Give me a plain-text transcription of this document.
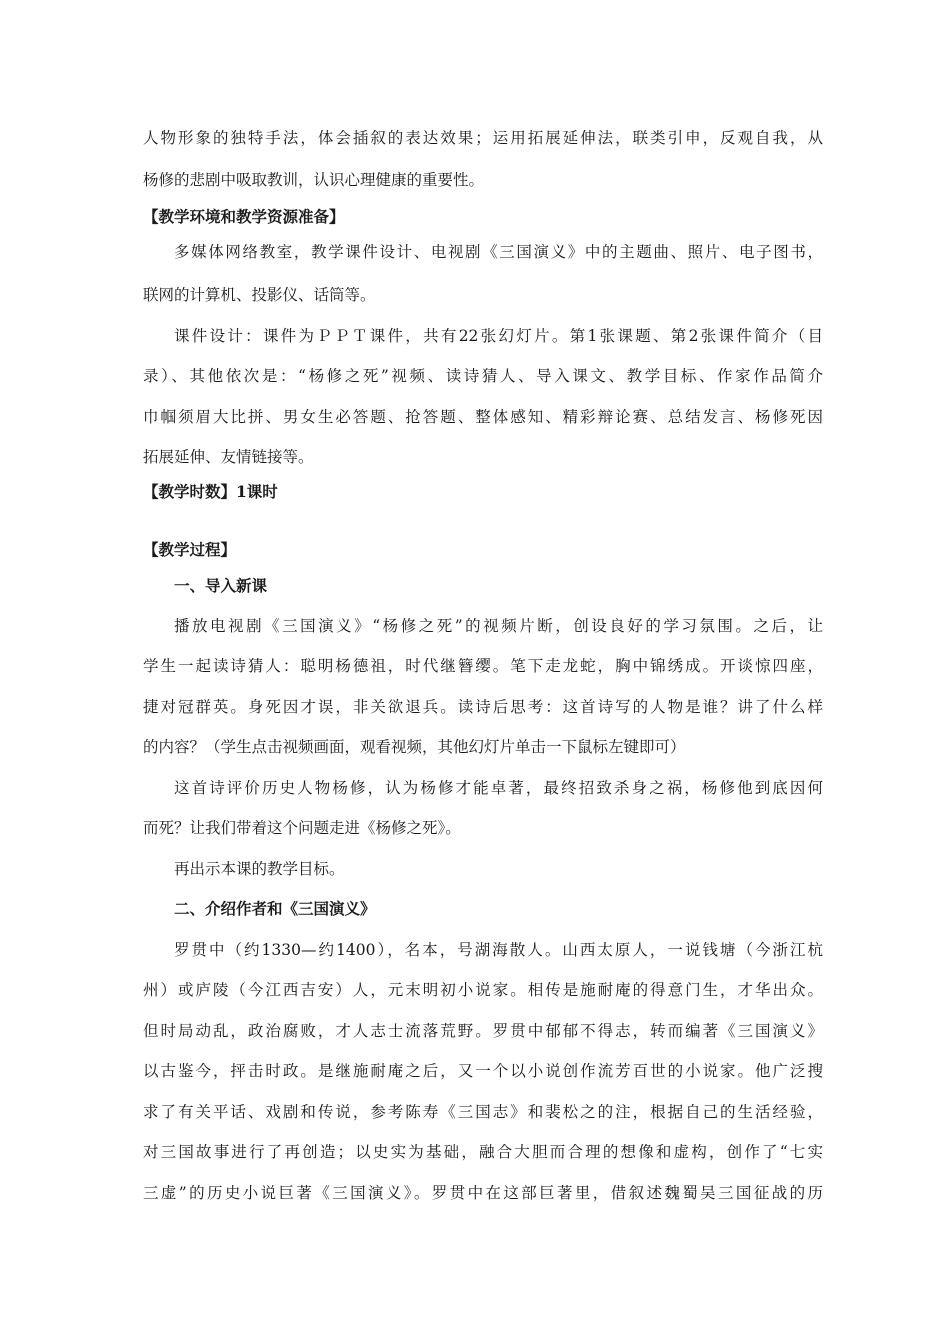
人物形象的独特手法，体会插叙的表达效果；运用拓展延伸法，联类引申，反观自我，从
杨修的悲剧中吸取教训，认识心理健康的重要性。
多媒体网络教室，教学课件设计、电视剧《三国演义》中的主题曲、照片、电子图书，
联网的计算机、投影仪、话筒等。
课件设计：课件为ＰＰＴ课件，共有22张幻灯片。第1张课题、第2张课件简介（目
录）、其他依次是：“杨修之死”视频、读诗猜人、导入课文、教学目标、作家作品简介
巾帼须眉大比拼、男女生必答题、抢答题、整体感知、精彩辩论赛、总结发言、杨修死因
拓展延伸、友情链接等。
播放电视剧《三国演义》“杨修之死”的视频片断，创设良好的学习氛围。之后，让
学生一起读诗猜人：聪明杨德祖，时代继簪缨。笔下走龙蛇，胸中锦绣成。开谈惊四座，
捷对冠群英。身死因才误，非关欲退兵。读诗后思考：这首诗写的人物是谁？讲了什么样
的内容？（学生点击视频画面，观看视频，其他幻灯片单击一下鼠标左键即可）
这首诗评价历史人物杨修，认为杨修才能卓著，最终招致杀身之祸，杨修他到底因何
而死？让我们带着这个问题走进《杨修之死》。
再出示本课的教学目标。
罗贯中（约1330—约1400），名本，号湖海散人。山西太原人，一说钱塘（今浙江杭
州）或庐陵（今江西吉安）人，元末明初小说家。相传是施耐庵的得意门生，才华出众。
但时局动乱，政治腐败，才人志士流落荒野。罗贯中郁郁不得志，转而编著《三国演义》
以古鉴今，抨击时政。是继施耐庵之后，又一个以小说创作流芳百世的小说家。他广泛搜
求了有关平话、戏剧和传说，参考陈寿《三国志》和裴松之的注，根据自己的生活经验，
对三国故事进行了再创造；以史实为基础，融合大胆而合理的想像和虚构，创作了“七实
三虚”的历史小说巨著《三国演义》。罗贯中在这部巨著里，借叙述魏蜀吴三国征战的历
【教学环境和教学资源准备】
【教学时数】1课时
【教学过程】
一、导入新课
二、介绍作者和《三国演义》
